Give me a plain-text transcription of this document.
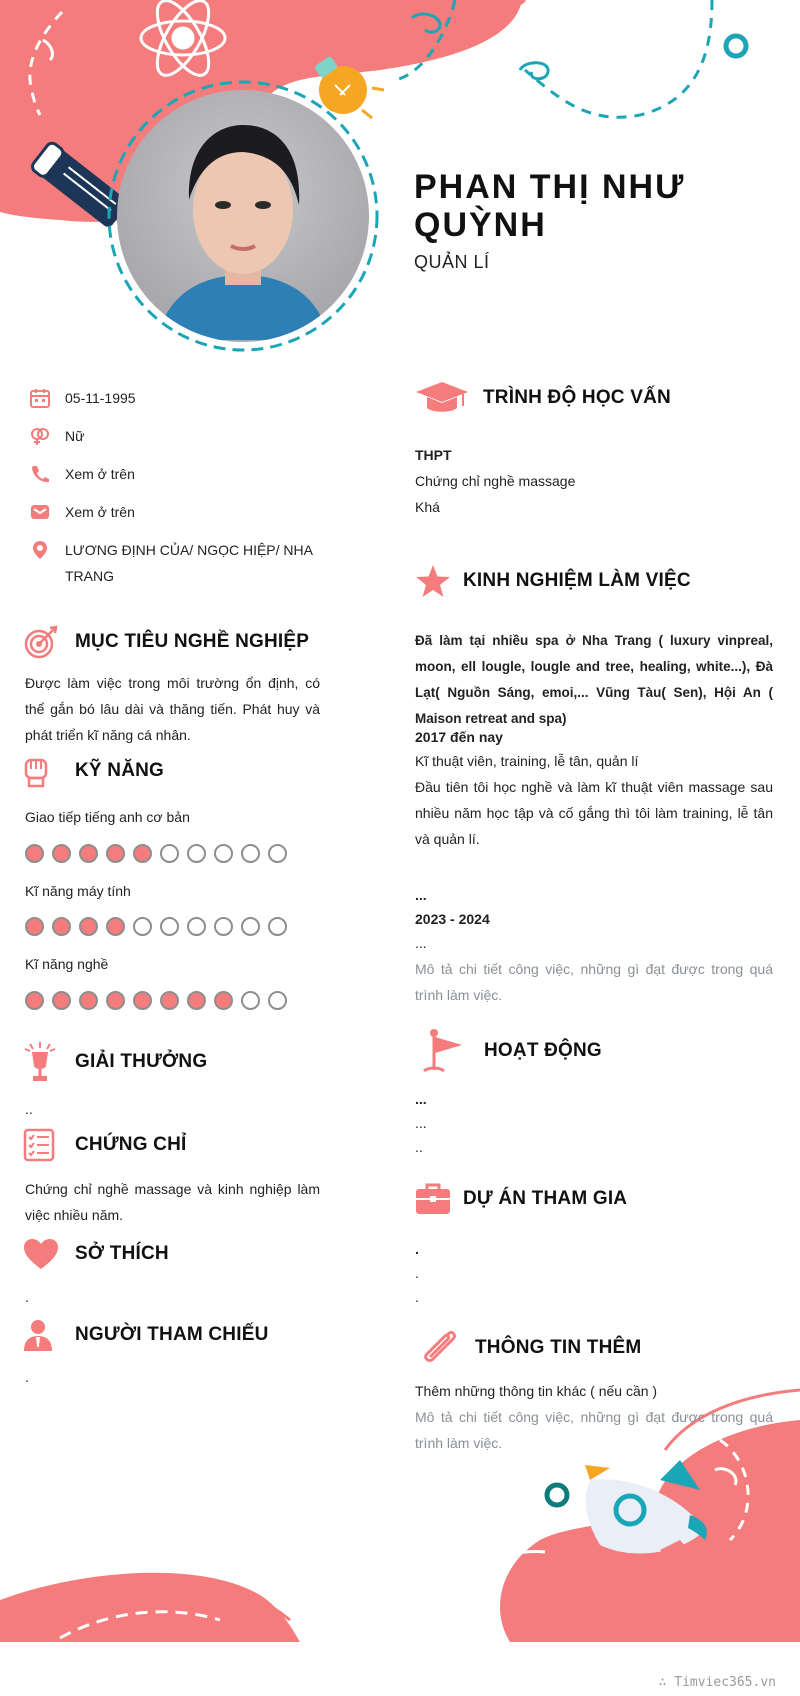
PHAN THỊ NHƯ QUỲNH
QUẢN LÍ
05-11-1995
Nữ
Xem ở trên
Xem ở trên
LƯƠNG ĐỊNH CỦA/ NGỌC HIỆP/ NHA TRANG
MỤC TIÊU NGHỀ NGHIỆP
Được làm việc trong môi trường ổn định, có thể gắn bó lâu dài và thăng tiến. Phát huy và phát triển kĩ năng cá nhân.
KỸ NĂNG
Giao tiếp tiếng anh cơ bản
Kĩ năng máy tính
Kĩ năng nghề
GIẢI THƯỞNG
..
CHỨNG CHỈ
Chứng chỉ nghề massage và kinh nghiệp làm việc nhiều năm.
SỞ THÍCH
.
NGƯỜI THAM CHIẾU
.
TRÌNH ĐỘ HỌC VẤN
THPT
Chứng chỉ nghề massage
Khá
KINH NGHIỆM LÀM VIỆC
Đã làm tại nhiều spa ở Nha Trang ( luxury vinpreal, moon, ell lougle, lougle and tree, healing, white...), Đà Lạt( Nguồn Sáng, emoi,... Vũng Tàu( Sen), Hội An ( Maison retreat and spa)
2017 đến nay
Kĩ thuật viên, training, lễ tân, quản lí
Đầu tiên tôi học nghề và làm kĩ thuật viên massage sau nhiều năm học tập và cố gắng thì tôi làm training, lễ tân và quản lí.
...
2023 - 2024
...
Mô tả chi tiết công việc, những gì đạt được trong quá trình làm việc.
HOẠT ĐỘNG
...
...
..
DỰ ÁN THAM GIA
.
.
.
THÔNG TIN THÊM
Thêm những thông tin khác ( nếu cần )
Mô tả chi tiết công việc, những gì đạt được trong quá trình làm việc.
∴ Timviec365.vn
